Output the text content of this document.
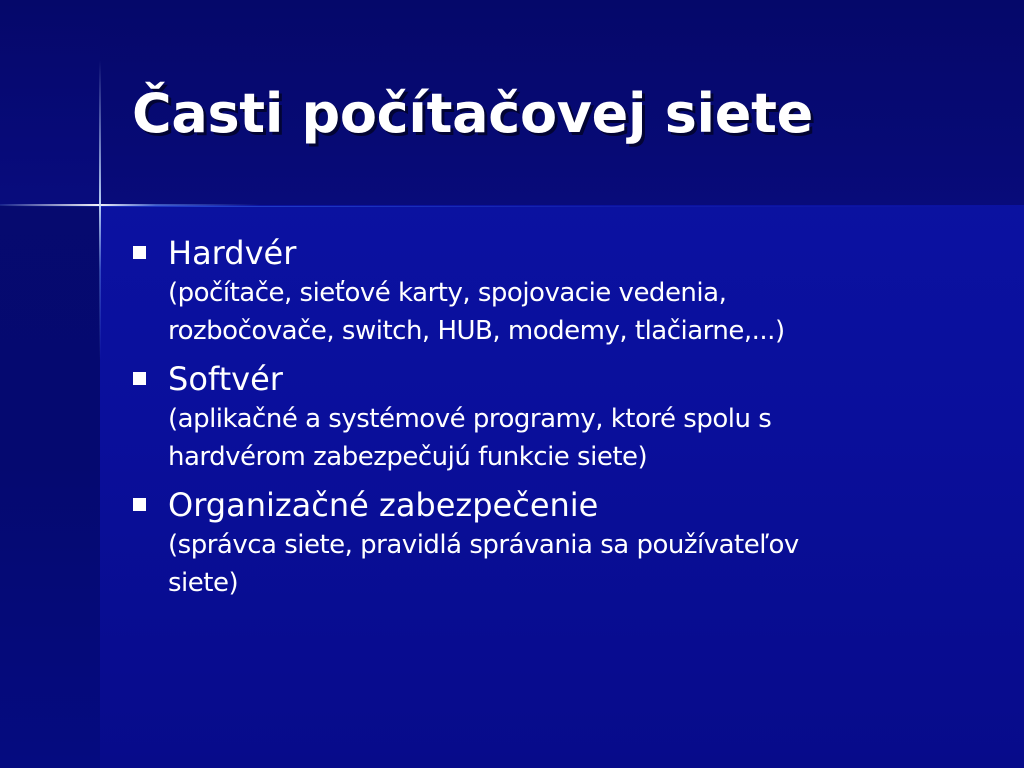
Časti počítačovej siete
Hardvér
(počítače, sieťové karty, spojovacie vedenia,
rozbočovače, switch, HUB, modemy, tlačiarne,...)
Softvér
(aplikačné a systémové programy, ktoré spolu s
hardvérom zabezpečujú funkcie siete)
Organizačné zabezpečenie
(správca siete, pravidlá správania sa používateľov
siete)
